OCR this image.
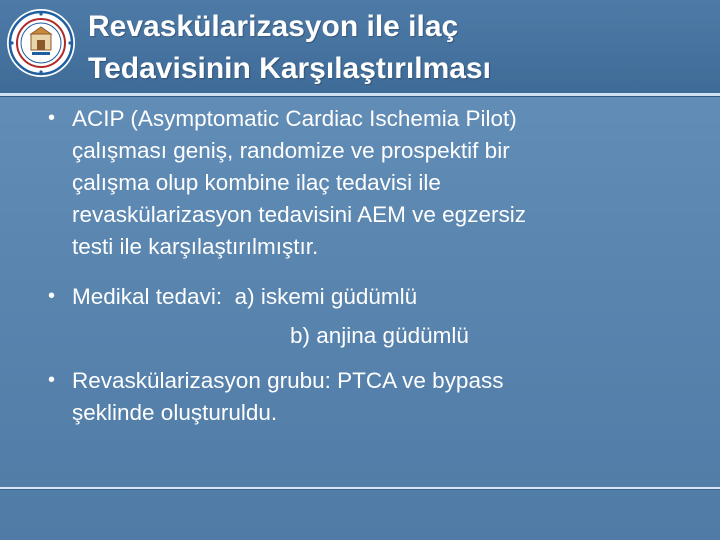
Revaskülarizasyon ile ilaç
Tedavisinin Karşılaştırılması
• ACIP (Asymptomatic Cardiac Ischemia Pilot)
çalışması geniş, randomize ve prospektif bir
çalışma olup kombine ilaç tedavisi ile
revaskülarizasyon tedavisini AEM ve egzersiz
testi ile karşılaştırılmıştır.
• Medikal tedavi:  a) iskemi güdümlü
b) anjina güdümlü
• Revaskülarizasyon grubu: PTCA ve bypass
şeklinde oluşturuldu.
